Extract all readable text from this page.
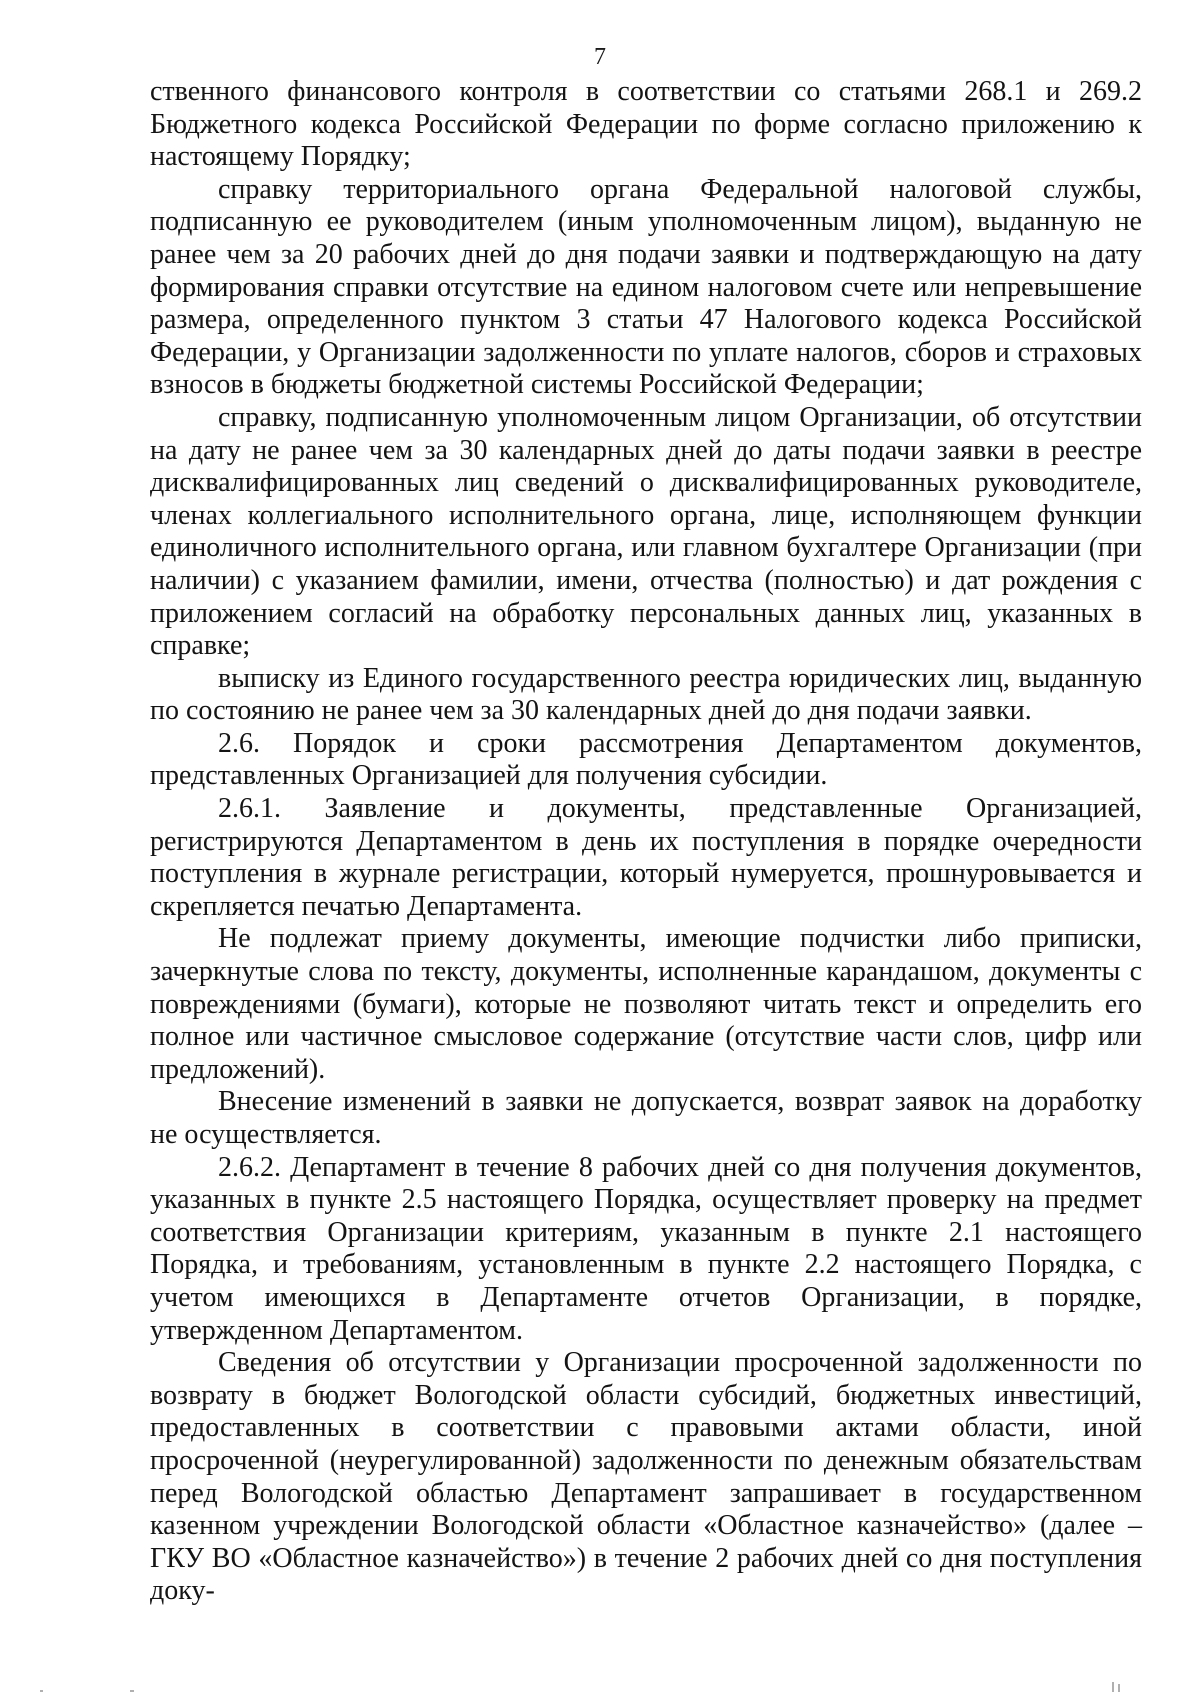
7

ственного финансового контроля в соответствии со статьями 268.1 и 269.2 Бюджетного кодекса Российской Федерации по форме согласно приложению к настоящему Порядку;

справку территориального органа Федеральной налоговой службы, подписанную ее руководителем (иным уполномоченным лицом), выданную не ранее чем за 20 рабочих дней до дня подачи заявки и подтверждающую на дату формирования справки отсутствие на едином налоговом счете или непревышение размера, определенного пунктом 3 статьи 47 Налогового кодекса Российской Федерации, у Организации задолженности по уплате налогов, сборов и страховых взносов в бюджеты бюджетной системы Российской Федерации;

справку, подписанную уполномоченным лицом Организации, об отсутствии на дату не ранее чем за 30 календарных дней до даты подачи заявки в реестре дисквалифицированных лиц сведений о дисквалифицированных руководителе, членах коллегиального исполнительного органа, лице, исполняющем функции единоличного исполнительного органа, или главном бухгалтере Организации (при наличии) с указанием фамилии, имени, отчества (полностью) и дат рождения с приложением согласий на обработку персональных данных лиц, указанных в справке;

выписку из Единого государственного реестра юридических лиц, выданную по состоянию не ранее чем за 30 календарных дней до дня подачи заявки.

2.6. Порядок и сроки рассмотрения Департаментом документов, представленных Организацией для получения субсидии.

2.6.1. Заявление и документы, представленные Организацией, регистрируются Департаментом в день их поступления в порядке очередности поступления в журнале регистрации, который нумеруется, прошнуровывается и скрепляется печатью Департамента.

Не подлежат приему документы, имеющие подчистки либо приписки, зачеркнутые слова по тексту, документы, исполненные карандашом, документы с повреждениями (бумаги), которые не позволяют читать текст и определить его полное или частичное смысловое содержание (отсутствие части слов, цифр или предложений).

Внесение изменений в заявки не допускается, возврат заявок на доработку не осуществляется.

2.6.2. Департамент в течение 8 рабочих дней со дня получения документов, указанных в пункте 2.5 настоящего Порядка, осуществляет проверку на предмет соответствия Организации критериям, указанным в пункте 2.1 настоящего Порядка, и требованиям, установленным в пункте 2.2 настоящего Порядка, с учетом имеющихся в Департаменте отчетов Организации, в порядке, утвержденном Департаментом.

Сведения об отсутствии у Организации просроченной задолженности по возврату в бюджет Вологодской области субсидий, бюджетных инвестиций, предоставленных в соответствии с правовыми актами области, иной просроченной (неурегулированной) задолженности по денежным обязательствам перед Вологодской областью Департамент запрашивает в государственном казенном учреждении Вологодской области «Областное казначейство» (далее – ГКУ ВО «Областное казначейство») в течение 2 рабочих дней со дня поступления доку-
